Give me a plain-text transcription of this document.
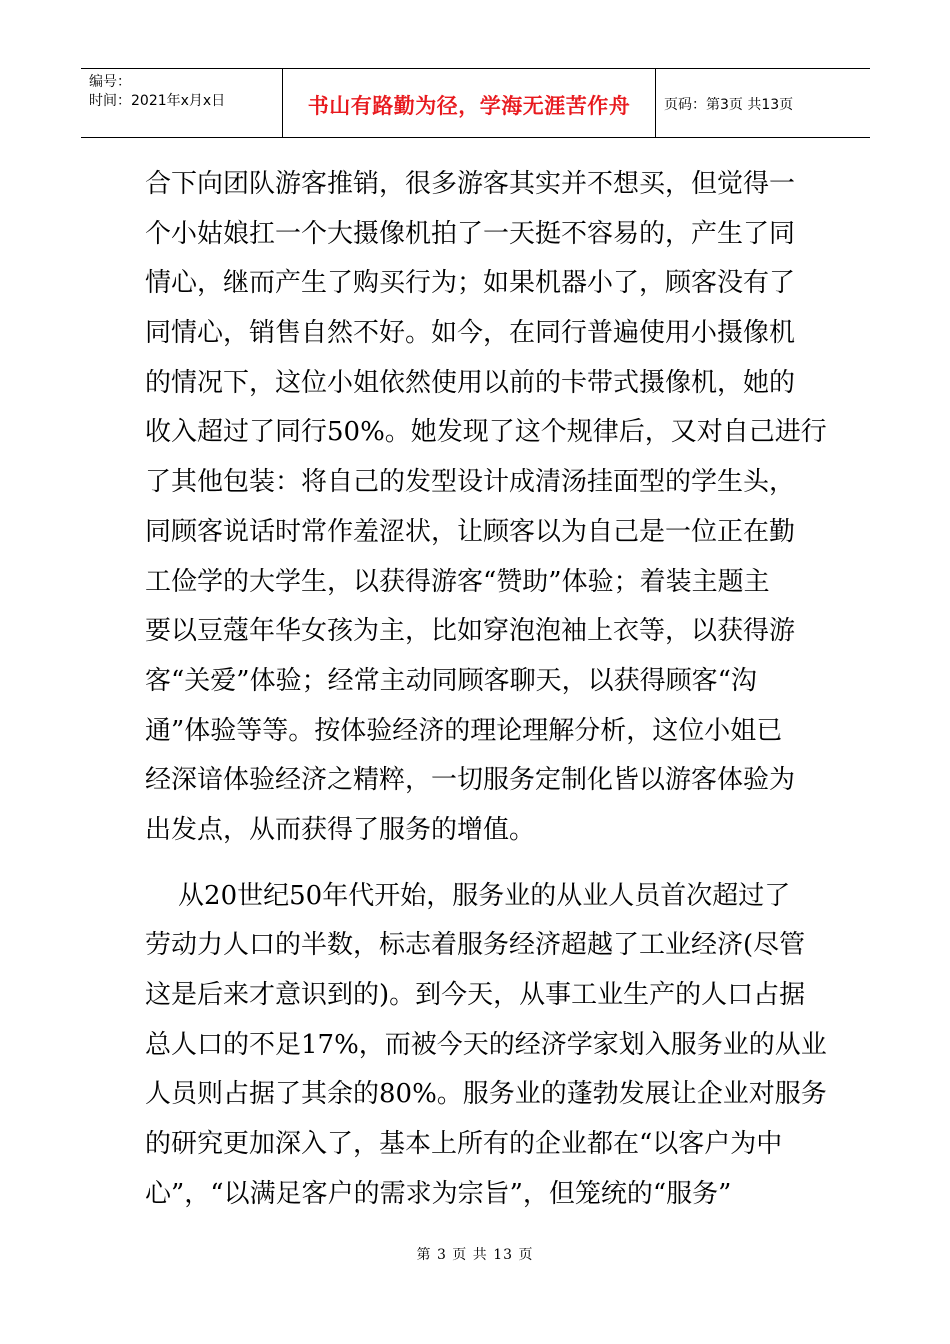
编号：
时间：2021年x月x日	书山有路勤为径，学海无涯苦作舟 页码：第3页 共13页
合下向团队游客推销，很多游客其实并不想买，但觉得一
个小姑娘扛一个大摄像机拍了一天挺不容易的，产生了同
情心，继而产生了购买行为；如果机器小了，顾客没有了
同情心，销售自然不好。如今，在同行普遍使用小摄像机
的情况下，这位小姐依然使用以前的卡带式摄像机，她的
收入超过了同行50%。她发现了这个规律后，又对自己进行
了其他包装：将自己的发型设计成清汤挂面型的学生头，
同顾客说话时常作羞涩状，让顾客以为自己是一位正在勤
工俭学的大学生，以获得游客“赞助”体验；着装主题主
要以豆蔻年华女孩为主，比如穿泡泡袖上衣等，以获得游
客“关爱”体验；经常主动同顾客聊天，以获得顾客“沟
通”体验等等。按体验经济的理论理解分析，这位小姐已
经深谙体验经济之精粹，一切服务定制化皆以游客体验为
出发点，从而获得了服务的增值。
从20世纪50年代开始，服务业的从业人员首次超过了
劳动力人口的半数，标志着服务经济超越了工业经济(尽管
这是后来才意识到的)。到今天，从事工业生产的人口占据
总人口的不足17%，而被今天的经济学家划入服务业的从业
人员则占据了其余的80%。服务业的蓬勃发展让企业对服务
的研究更加深入了，基本上所有的企业都在“以客户为中
心”，“以满足客户的需求为宗旨”，但笼统的“服务”
第 3 页 共 13 页
